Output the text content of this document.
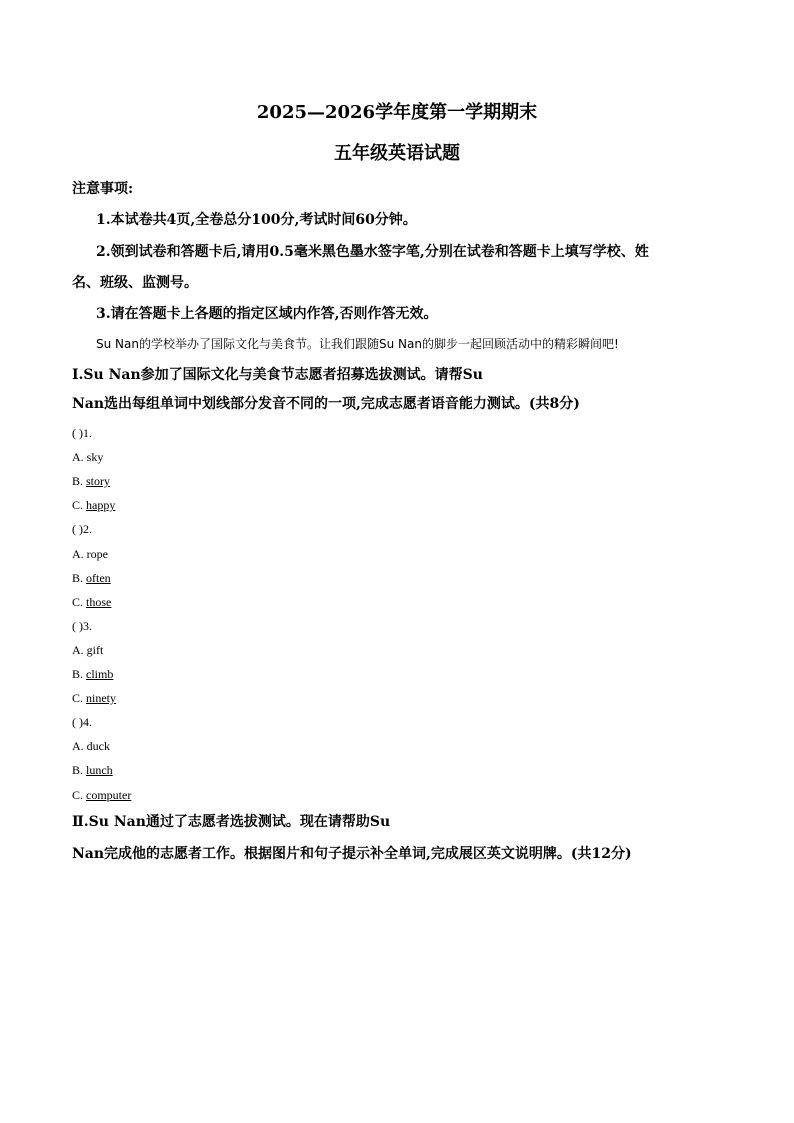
2025—2026学年度第一学期期末
五年级英语试题
注意事项:
1.本试卷共4页,全卷总分100分,考试时间60分钟。
2.领到试卷和答题卡后,请用0.5毫米黑色墨水签字笔,分别在试卷和答题卡上填写学校、姓
名、班级、监测号。
3.请在答题卡上各题的指定区域内作答,否则作答无效。
Su Nan的学校举办了国际文化与美食节。让我们跟随Su Nan的脚步一起回顾活动中的精彩瞬间吧!
Ⅰ.Su Nan参加了国际文化与美食节志愿者招募选拔测试。请帮Su
Nan选出每组单词中划线部分发音不同的一项,完成志愿者语音能力测试。(共8分)
( )1.
A. sky
B. story
C. happy
( )2.
A. rope
B. often
C. those
( )3.
A. gift
B. climb
C. ninety
( )4.
A. duck
B. lunch
C. computer
Ⅱ.Su Nan通过了志愿者选拔测试。现在请帮助Su
Nan完成他的志愿者工作。根据图片和句子提示补全单词,完成展区英文说明牌。(共12分)
